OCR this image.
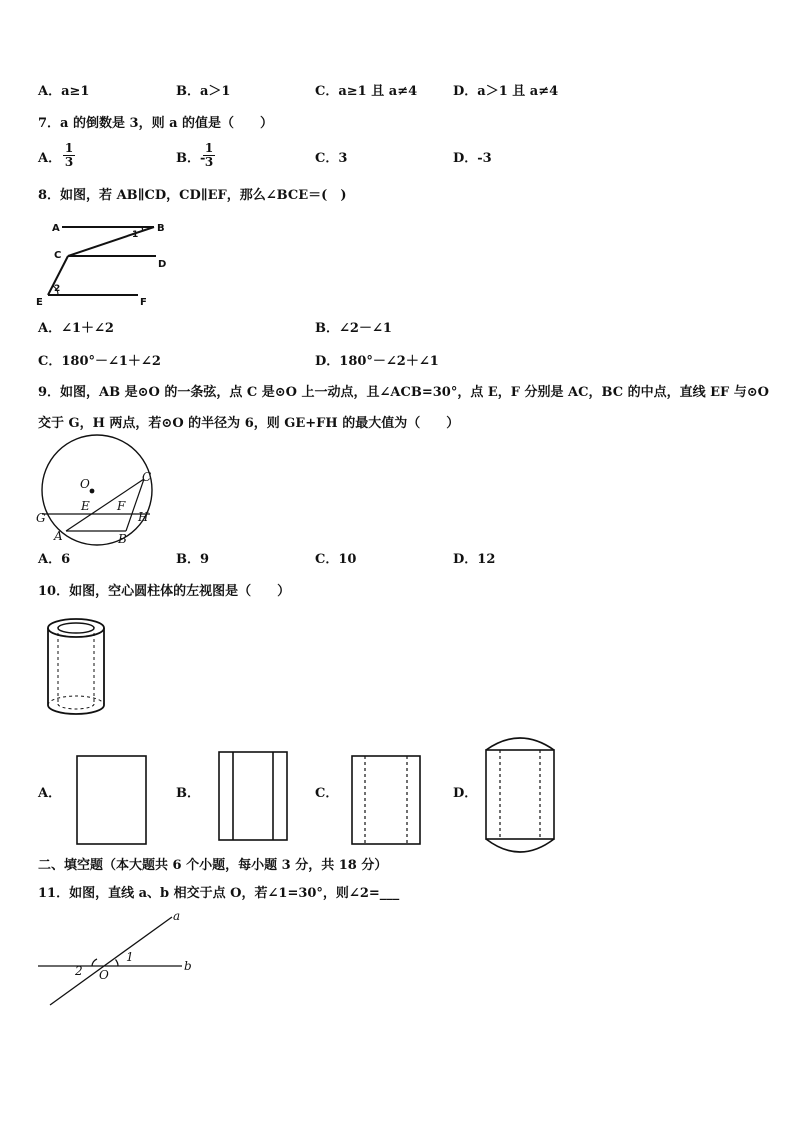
A．a≥1	B．a＞1	C．a≥1 且 a≠4	D．a＞1 且 a≠4
7．a 的倒数是 3，则 a 的值是（　　）
A． $\frac{1}{3}$	B．-
$\frac{1}{3}$	C．3	D．-3
8．如图，若 AB∥CD，CD∥EF，那么∠BCE＝(　)
A	B
C
D
E	F
1
2
A．∠1＋∠2	B．∠2－∠1
C．180°－∠1＋∠2	D．180°－∠2＋∠1
9．如图，AB 是⊙O 的一条弦，点 C 是⊙O 上一动点，且∠ACB=30°，点 E，F 分别是 AC，BC 的中点，直线 EF 与⊙O
交于 G，H 两点，若⊙O 的半径为 6，则 GE+FH 的最大值为（　　）
O	C
E F
G	H
A	B
A．6	B．9	C．10	D．12
10．如图，空心圆柱体的左视图是（　　）
A．	B．	C．	D．
二、填空题（本大题共 6 个小题，每小题 3 分，共 18 分）
11．如图，直线 a、b 相交于点 O，若∠1=30°，则∠2=___
a
b
O
1
2
